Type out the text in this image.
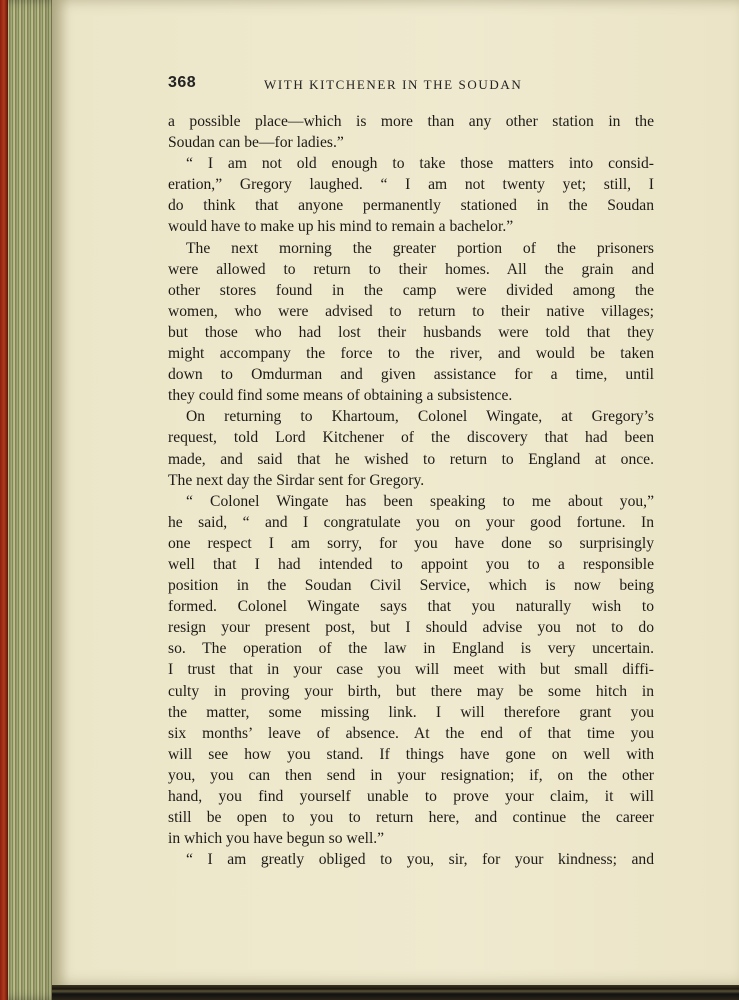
368	WITH KITCHENER IN THE SOUDAN
a possible place—which is more than any other station in the
Soudan can be—for ladies.”
“ I am not old enough to take those matters into consid-
eration,” Gregory laughed. “ I am not twenty yet; still, I
do think that anyone permanently stationed in the Soudan
would have to make up his mind to remain a bachelor.”
The next morning the greater portion of the prisoners
were allowed to return to their homes. All the grain and
other stores found in the camp were divided among the
women, who were advised to return to their native villages;
but those who had lost their husbands were told that they
might accompany the force to the river, and would be taken
down to Omdurman and given assistance for a time, until
they could find some means of obtaining a subsistence.
On returning to Khartoum, Colonel Wingate, at Gregory’s
request, told Lord Kitchener of the discovery that had been
made, and said that he wished to return to England at once.
The next day the Sirdar sent for Gregory.
“ Colonel Wingate has been speaking to me about you,”
he said, “ and I congratulate you on your good fortune. In
one respect I am sorry, for you have done so surprisingly
well that I had intended to appoint you to a responsible
position in the Soudan Civil Service, which is now being
formed. Colonel Wingate says that you naturally wish to
resign your present post, but I should advise you not to do
so. The operation of the law in England is very uncertain.
I trust that in your case you will meet with but small diffi-
culty in proving your birth, but there may be some hitch in
the matter, some missing link. I will therefore grant you
six months’ leave of absence. At the end of that time you
will see how you stand. If things have gone on well with
you, you can then send in your resignation; if, on the other
hand, you find yourself unable to prove your claim, it will
still be open to you to return here, and continue the career
in which you have begun so well.”
“ I am greatly obliged to you, sir, for your kindness; and
